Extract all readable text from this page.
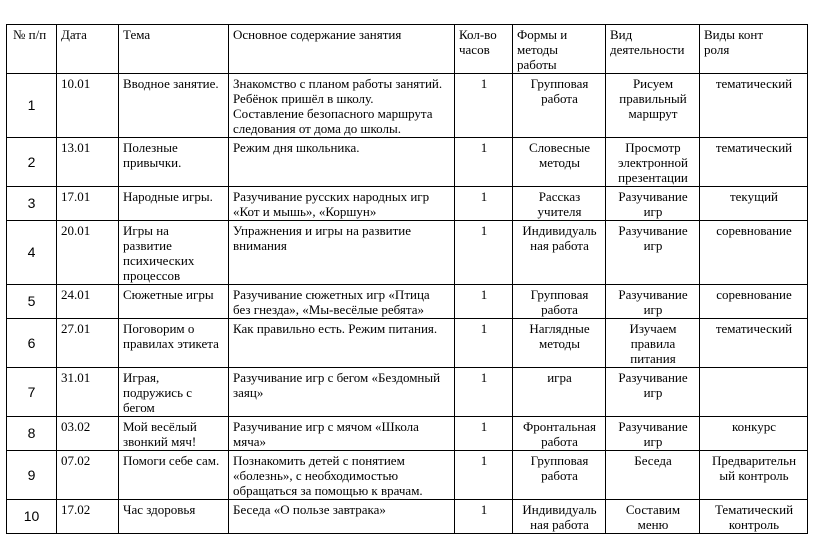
№ п/п	Дата	Тема	Основное содержание занятия	Кол-во
часов	Формы и
методы
работы	Вид
деятельности	Виды конт
роля
1	10.01	Вводное занятие.	Знакомство с планом работы занятий.
Ребёнок пришёл в школу.
Составление безопасного маршрута
следования от дома до школы.	1	Групповая
работа	Рисуем
правильный
маршрут	тематический
2	13.01	Полезные
привычки.	Режим дня школьника.	1	Словесные
методы	Просмотр
электронной
презентации	тематический
3	17.01	Народные игры.	Разучивание русских народных игр
«Кот и мышь», «Коршун»	1	Рассказ
учителя	Разучивание
игр	текущий
4	20.01	Игры на
развитие
психических
процессов	Упражнения и игры на развитие
внимания	1	Индивидуаль
ная работа	Разучивание
игр	соревнование
5	24.01	Сюжетные игры	Разучивание сюжетных игр «Птица
без гнезда», «Мы-весёлые ребята»	1	Групповая
работа	Разучивание
игр	соревнование
6	27.01	Поговорим о
правилах этикета	Как правильно есть. Режим питания.	1	Наглядные
методы	Изучаем
правила
питания	тематический
7	31.01	Играя,
подружись с
бегом	Разучивание игр с бегом «Бездомный
заяц»	1	игра	Разучивание
игр	
8	03.02	Мой весёлый
звонкий мяч!	Разучивание игр с мячом «Школа
мяча»	1	Фронтальная
работа	Разучивание
игр	конкурс
9	07.02	Помоги себе сам.	Познакомить детей с понятием
«болезнь», с необходимостью
обращаться за помощью к врачам.	1	Групповая
работа	Беседа	Предварительн
ый контроль
10	17.02	Час здоровья	Беседа «О пользе завтрака»	1	Индивидуаль
ная работа	Составим
меню	Тематический
контроль
